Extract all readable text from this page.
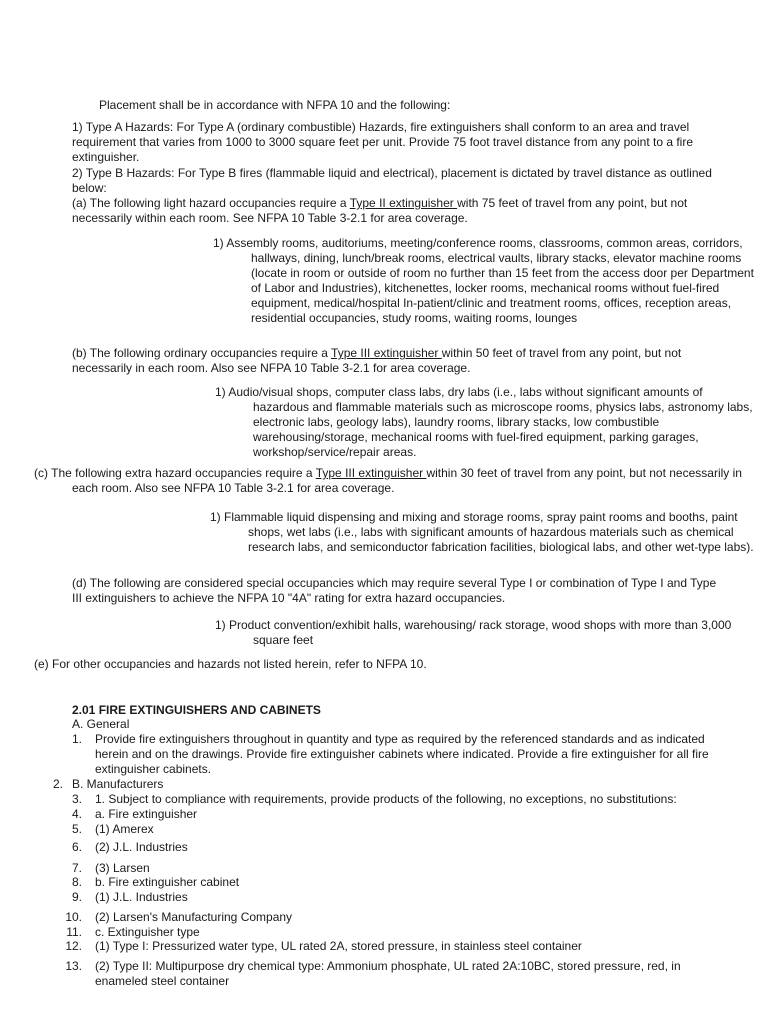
Placement shall be in accordance with NFPA 10 and the following:
1) Type A Hazards: For Type A (ordinary combustible) Hazards, fire extinguishers shall conform to an area and travel requirement that varies from 1000 to 3000 square feet per unit. Provide 75 foot travel distance from any point to a fire extinguisher.
2) Type B Hazards: For Type B fires (flammable liquid and electrical), placement is dictated by travel distance as outlined below:
(a) The following light hazard occupancies require a Type II extinguisher with 75 feet of travel from any point, but not necessarily within each room. See NFPA 10 Table 3-2.1 for area coverage.
1) Assembly rooms, auditoriums, meeting/conference rooms, classrooms, common areas, corridors, hallways, dining, lunch/break rooms, electrical vaults, library stacks, elevator machine rooms (locate in room or outside of room no further than 15 feet from the access door per Department of Labor and Industries), kitchenettes, locker rooms, mechanical rooms without fuel-fired equipment, medical/hospital In-patient/clinic and treatment rooms, offices, reception areas, residential occupancies, study rooms, waiting rooms, lounges
(b) The following ordinary occupancies require a Type III extinguisher within 50 feet of travel from any point, but not necessarily in each room. Also see NFPA 10 Table 3-2.1 for area coverage.
1) Audio/visual shops, computer class labs, dry labs (i.e., labs without significant amounts of hazardous and flammable materials such as microscope rooms, physics labs, astronomy labs, electronic labs, geology labs), laundry rooms, library stacks, low combustible warehousing/storage, mechanical rooms with fuel-fired equipment, parking garages, workshop/service/repair areas.
(c) The following extra hazard occupancies require a Type III extinguisher within 30 feet of travel from any point, but not necessarily in each room. Also see NFPA 10 Table 3-2.1 for area coverage.
1) Flammable liquid dispensing and mixing and storage rooms, spray paint rooms and booths, paint shops, wet labs (i.e., labs with significant amounts of hazardous materials such as chemical research labs, and semiconductor fabrication facilities, biological labs, and other wet-type labs).
(d) The following are considered special occupancies which may require several Type I or combination of Type I and Type III extinguishers to achieve the NFPA 10 "4A" rating for extra hazard occupancies.
1) Product convention/exhibit halls, warehousing/ rack storage, wood shops with more than 3,000 square feet
(e) For other occupancies and hazards not listed herein, refer to NFPA 10.
2.01 FIRE EXTINGUISHERS AND CABINETS
A. General
1. Provide fire extinguishers throughout in quantity and type as required by the referenced standards and as indicated herein and on the drawings. Provide fire extinguisher cabinets where indicated. Provide a fire extinguisher for all fire extinguisher cabinets.
2. B. Manufacturers
3. 1. Subject to compliance with requirements, provide products of the following, no exceptions, no substitutions:
4. a. Fire extinguisher
5. (1) Amerex
6. (2) J.L. Industries
7. (3) Larsen
8. b. Fire extinguisher cabinet
9. (1) J.L. Industries
10. (2) Larsen's Manufacturing Company
11. c. Extinguisher type
12. (1) Type I: Pressurized water type, UL rated 2A, stored pressure, in stainless steel container
13. (2) Type II: Multipurpose dry chemical type: Ammonium phosphate, UL rated 2A:10BC, stored pressure, red, in enameled steel container
